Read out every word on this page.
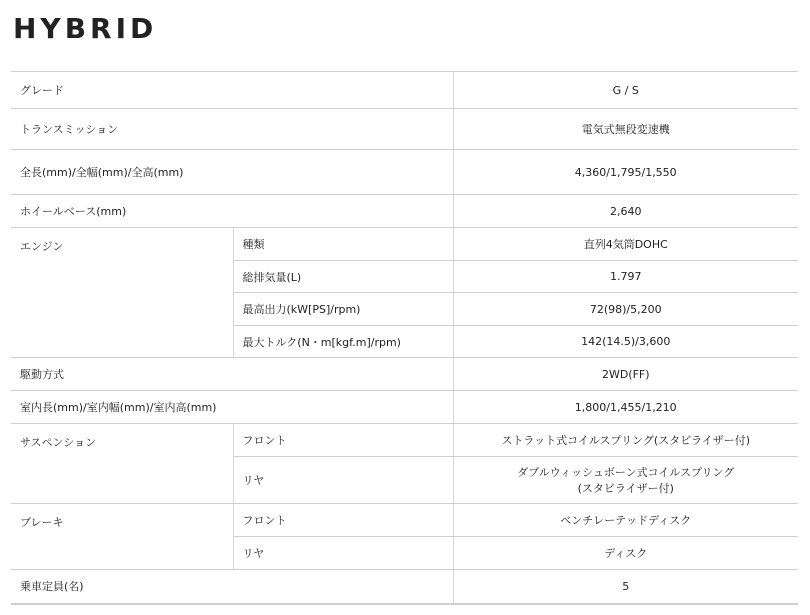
HYBRID
グレード		G / S
トランスミッション		電気式無段変速機
全長(mm)/全幅(mm)/全高(mm)		4,360/1,795/1,550
ホイールベース(mm)		2,640
エンジン	種類	直列4気筒DOHC
	総排気量(L)	1.797
	最高出力(kW[PS]/rpm)	72(98)/5,200
	最大トルク(N・m[kgf.m]/rpm)	142(14.5)/3,600
駆動方式		2WD(FF)
室内長(mm)/室内幅(mm)/室内高(mm)		1,800/1,455/1,210
サスペンション	フロント	ストラット式コイルスプリング(スタビライザー付)
	リヤ	ダブルウィッシュボーン式コイルスプリング
(スタビライザー付)

ブレーキ	フロント	ベンチレーテッドディスク
	リヤ	ディスク
乗車定員(名)		5
